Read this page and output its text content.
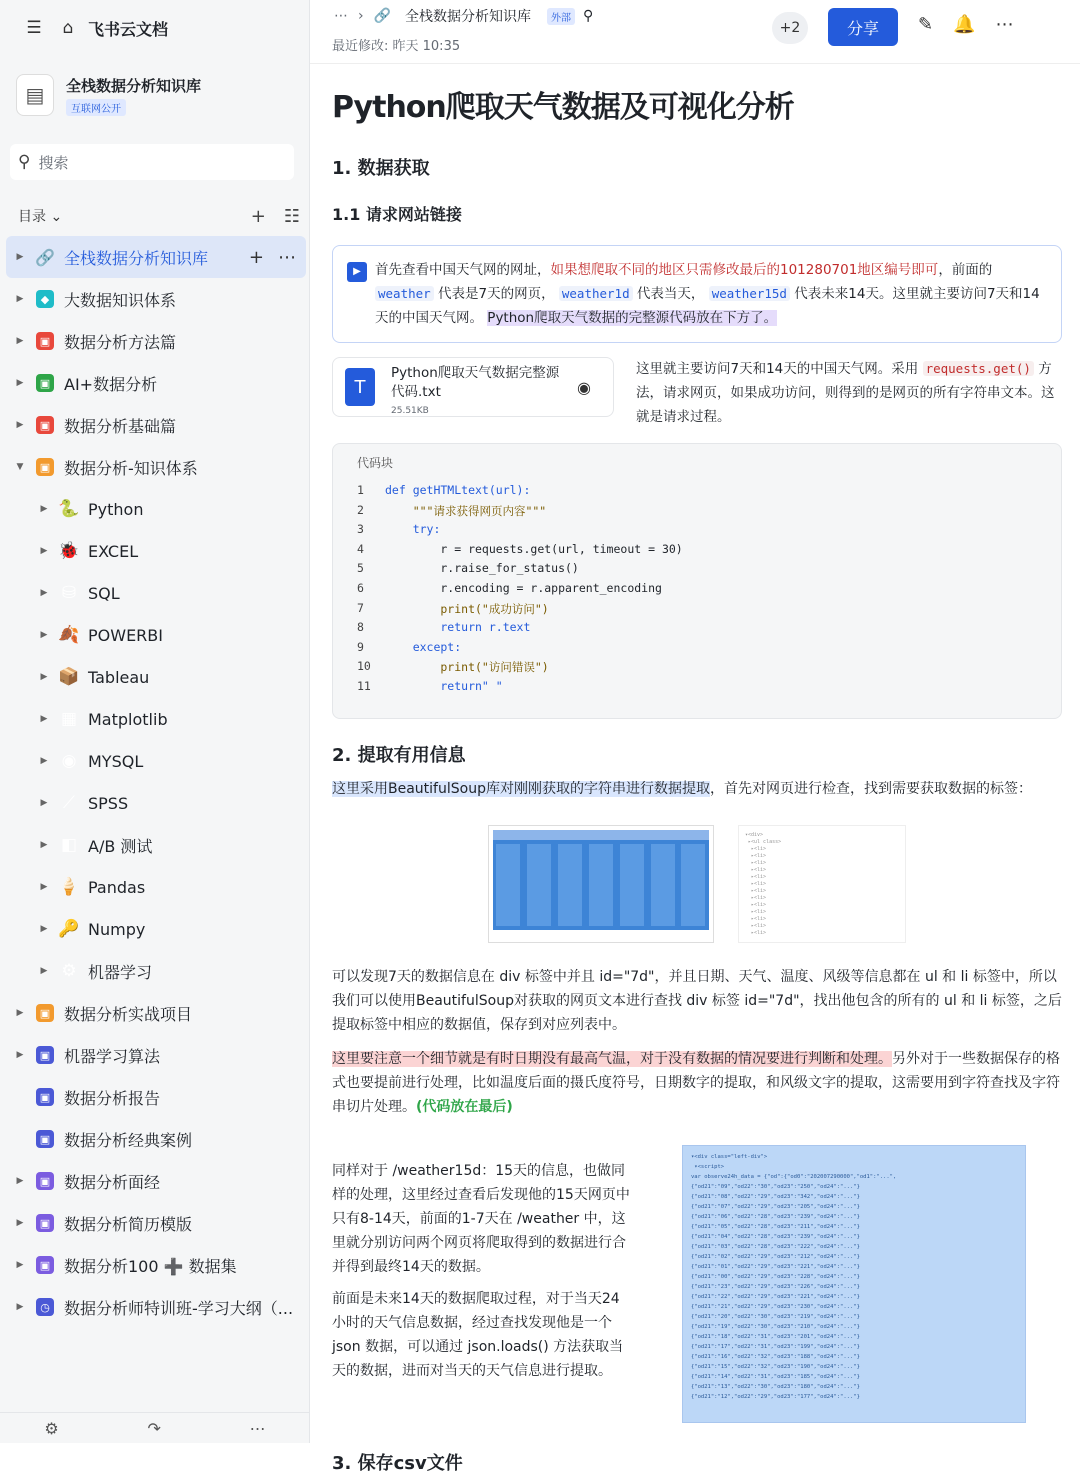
☰	⌂ 飞书云文档
▤	全栈数据分析知识库
互联网公开
⚲ 搜索
目录 ⌄	+ ☷
▶ 🔗 全栈数据分析知识库 + ⋯
▶	◆ 大数据知识体系
▶	▣ 数据分析方法篇
▶	▣ AI+数据分析
▶	▣ 数据分析基础篇
▼	▣ 数据分析-知识体系
▶ 🐍 Python
▶ 🐞 EXCEL
▶ ⛁ SQL
▶ 🍂 POWERBI
▶ 📦 Tableau
▶ ▦ Matplotlib
▶ ◉ MYSQL
▶ ⟋ SPSS
▶ ◧ A/B 测试
▶ 🍦 Pandas
▶ 🔑 Numpy
▶ ⚙ 机器学习
▶	▣ 数据分析实战项目
▶	▣ 机器学习算法
▣ 数据分析报告
▣ 数据分析经典案例
▶	▣ 数据分析面经
▶	▣ 数据分析简历模版
▶	▣ 数据分析100 ➕ 数据集
▶	◷ 数据分析师特训班-学习大纲（...
⚙	↷	⋯
⋯ › 🔗 全栈数据分析知识库	外部 ⚲
最近修改: 昨天 10:35
+2	分享	✎ 🔔 ⋯
Python爬取天气数据及可视化分析
1. 数据获取
1.1 请求网站链接
▶	首先查看中国天气网的网址，如果想爬取不同的地区只需修改最后的101280701地区编号即可，前面的 weather 代表是7天的网页， weather1d 代表当天， weather15d 代表未来14天。这里就主要访问7天和14天的中国天气网。 Python爬取天气数据的完整源代码放在下方了。
T
Python爬取天气数据完整源代码.txt
25.51KB
◉
这里就主要访问7天和14天的中国天气网。采用 requests.get() 方法，请求网页，如果成功访问，则得到的是网页的所有字符串文本。这就是请求过程。
代码块
1	def getHTMLtext(url):
2	"""请求获得网页内容"""
3	try:
4	r = requests.get(url, timeout = 30)
5	r.raise_for_status()
6	r.encoding = r.apparent_encoding
7	print("成功访问")
8	return r.text
9	except:
10	print("访问错误")
11	return" "
2. 提取有用信息
这里采用BeautifulSoup库对刚刚获取的字符串进行数据提取，首先对网页进行检查，找到需要获取数据的标签：
▾<div>
▸<ul class>
▸<li>
▸<li>
▸<li>
▸<li>
▸<li>
▸<li>
▸<li>
▸<li>
▸<li>
▸<li>
▸<li>
▸<li>
▸<li>
可以发现7天的数据信息在 div 标签中并且 id="7d"，并且日期、天气、温度、风级等信息都在 ul 和 li 标签中，所以我们可以使用BeautifulSoup对获取的网页文本进行查找 div 标签 id="7d"，找出他包含的所有的 ul 和 li 标签，之后提取标签中相应的数据值，保存到对应列表中。
这里要注意一个细节就是有时日期没有最高气温，对于没有数据的情况要进行判断和处理。另外对于一些数据保存的格式也要提前进行处理，比如温度后面的摄氏度符号，日期数字的提取，和风级文字的提取，这需要用到字符查找及字符串切片处理。(代码放在最后)
同样对于 /weather15d：15天的信息，也做同样的处理，这里经过查看后发现他的15天网页中只有8-14天，前面的1-7天在 /weather 中，这里就分别访问两个网页将爬取得到的数据进行合并得到最终14天的数据。
前面是未来14天的数据爬取过程，对于当天24小时的天气信息数据，经过查找发现他是一个 json 数据，可以通过 json.loads() 方法获取当天的数据，进而对当天的天气信息进行提取。
▾<div class="left-div">
▾<script>
var observe24h_data = {"od":{"od0":"202007290000","od1":"...",
{"od21":"09","od22":"30","od23":"250","od24":"..."}
{"od21":"08","od22":"29","od23":"342","od24":"..."}
{"od21":"07","od22":"29","od23":"205","od24":"..."}
{"od21":"06","od22":"28","od23":"239","od24":"..."}
{"od21":"05","od22":"28","od23":"211","od24":"..."}
{"od21":"04","od22":"28","od23":"239","od24":"..."}
{"od21":"03","od22":"28","od23":"222","od24":"..."}
{"od21":"02","od22":"29","od23":"212","od24":"..."}
{"od21":"01","od22":"29","od23":"221","od24":"..."}
{"od21":"00","od22":"29","od23":"228","od24":"..."}
{"od21":"23","od22":"29","od23":"226","od24":"..."}
{"od21":"22","od22":"29","od23":"221","od24":"..."}
{"od21":"21","od22":"29","od23":"230","od24":"..."}
{"od21":"20","od22":"30","od23":"219","od24":"..."}
{"od21":"19","od22":"30","od23":"210","od24":"..."}
{"od21":"18","od22":"31","od23":"201","od24":"..."}
{"od21":"17","od22":"31","od23":"199","od24":"..."}
{"od21":"16","od22":"32","od23":"188","od24":"..."}
{"od21":"15","od22":"32","od23":"190","od24":"..."}
{"od21":"14","od22":"31","od23":"185","od24":"..."}
{"od21":"13","od22":"30","od23":"180","od24":"..."}
{"od21":"12","od22":"29","od23":"177","od24":"..."}
3. 保存csv文件
